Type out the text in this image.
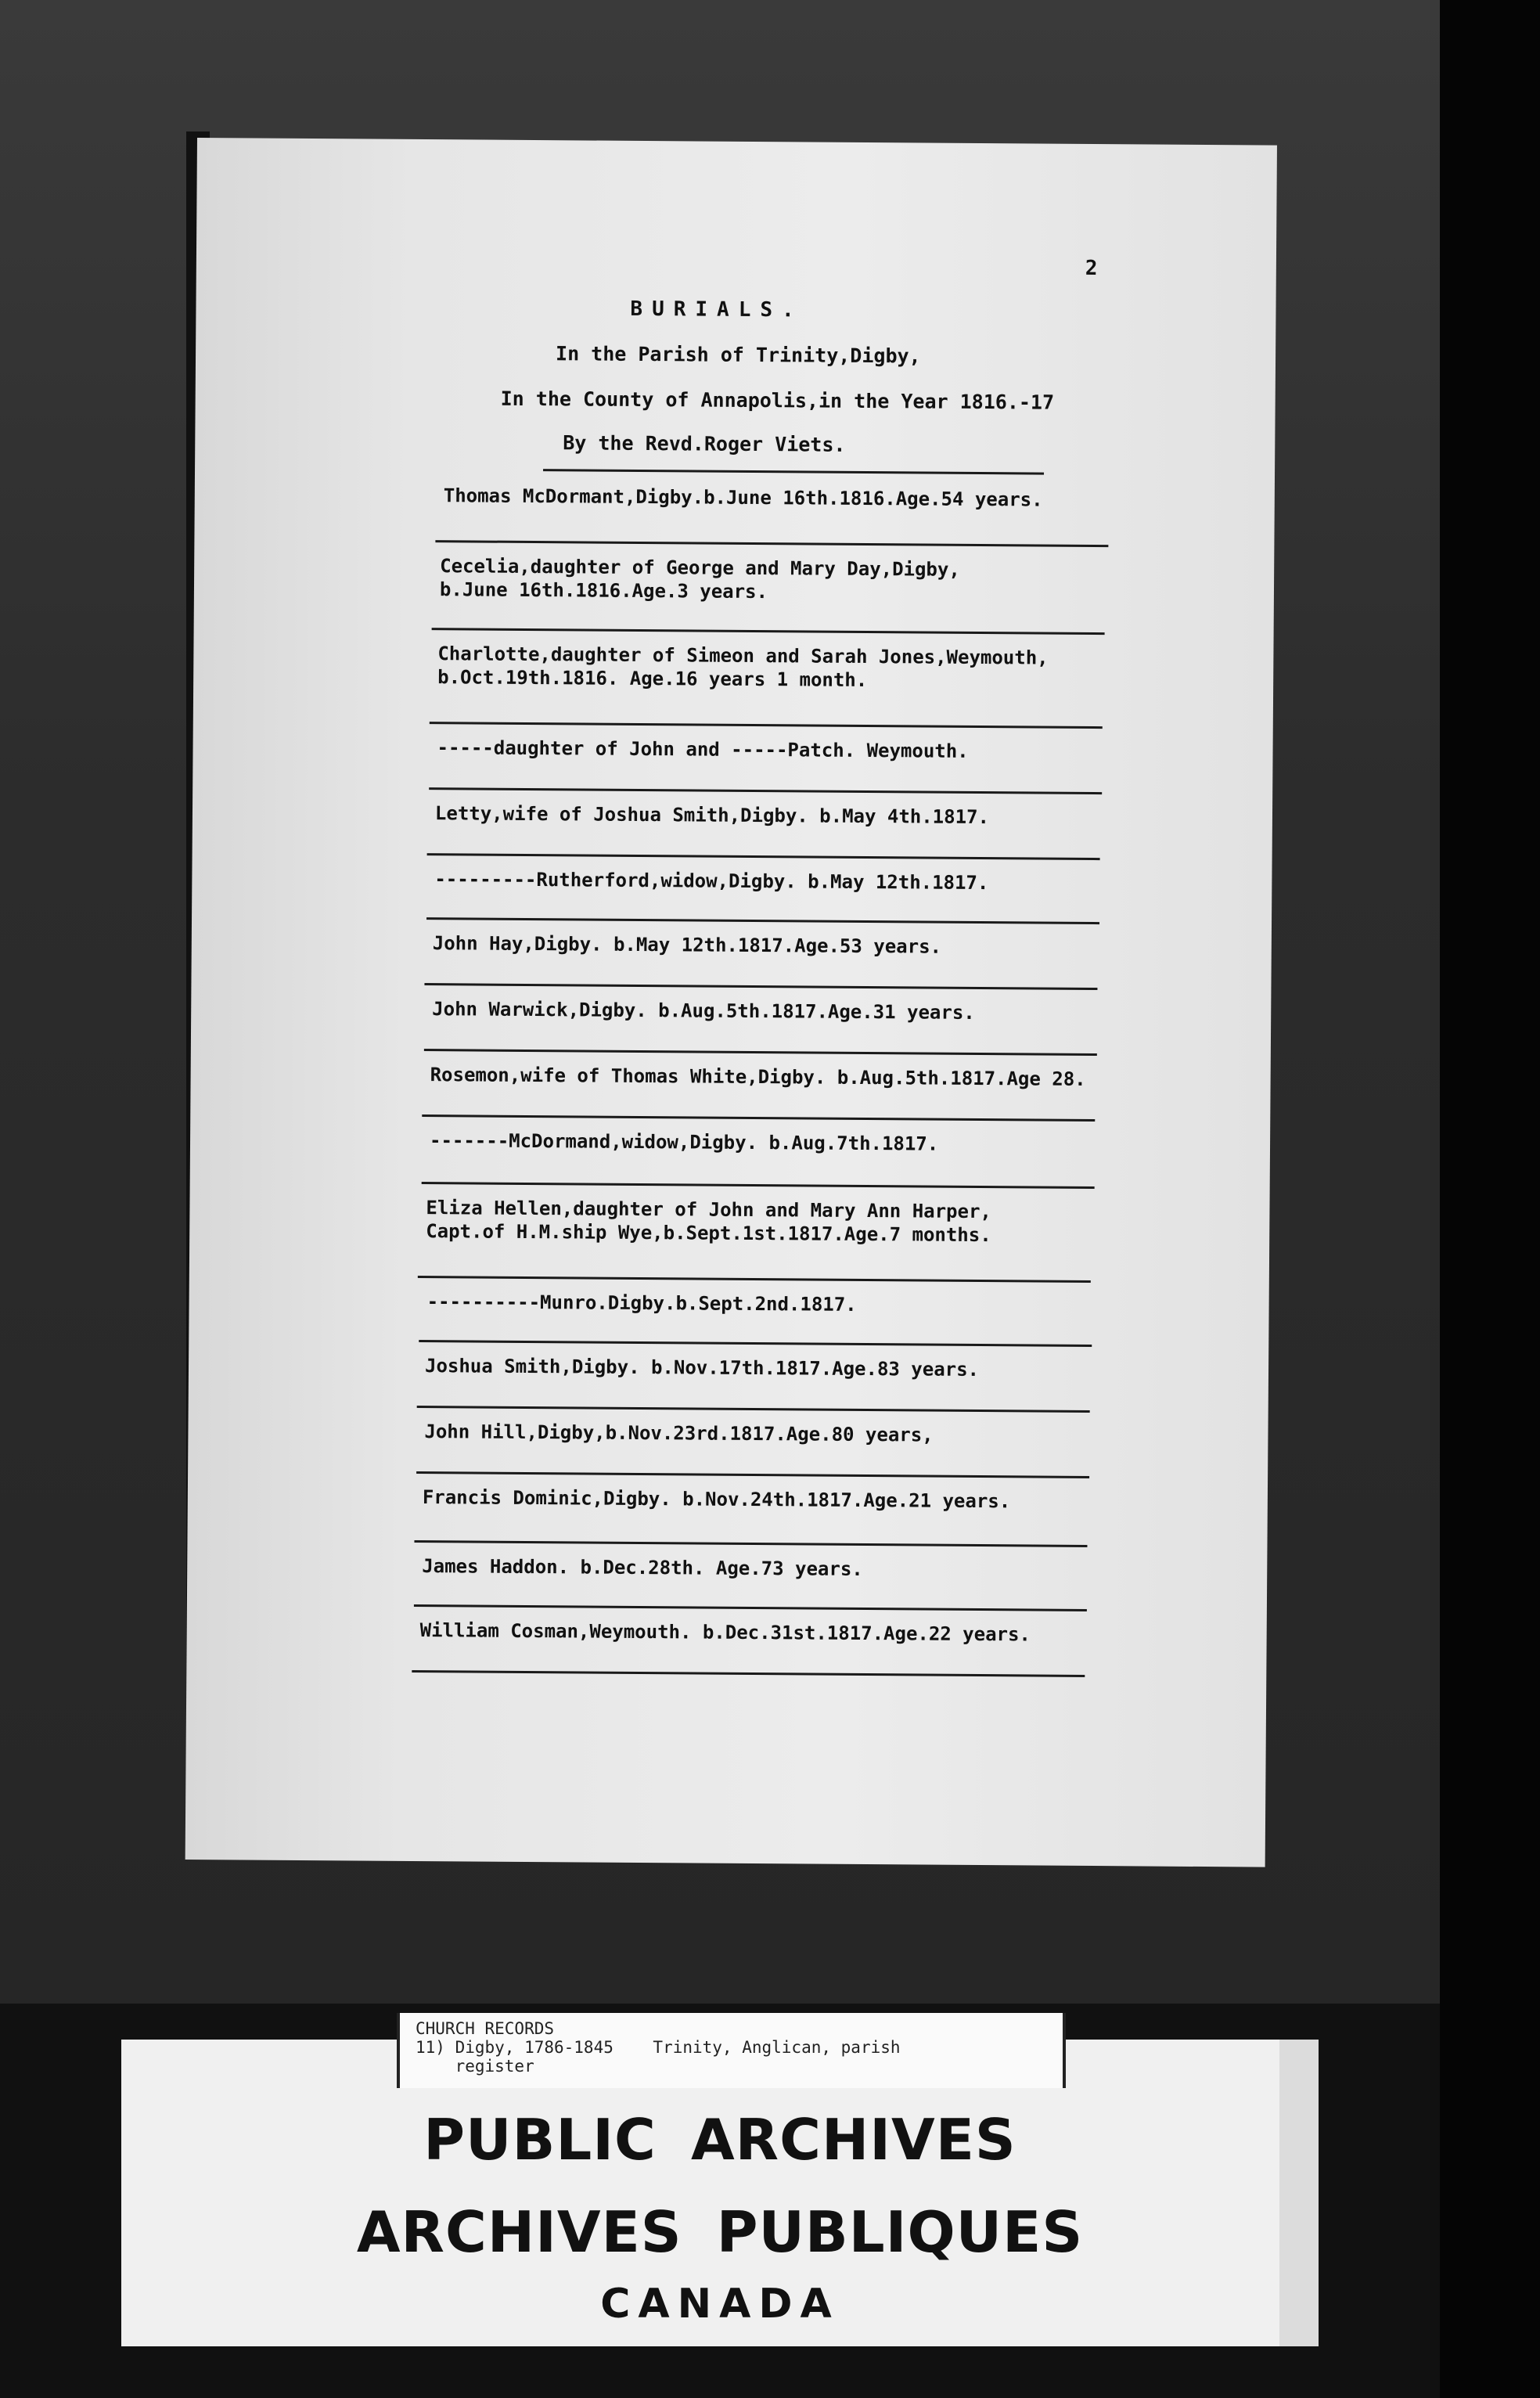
2
BURIALS.
In the Parish of Trinity,Digby,
In the County of Annapolis,in the Year 1816.-17
By the Revd.Roger Viets.
Thomas McDormant,Digby.b.June 16th.1816.Age.54 years.
Cecelia,daughter of George and Mary Day,Digby,
b.June 16th.1816.Age.3 years.
Charlotte,daughter of Simeon and Sarah Jones,Weymouth,
b.Oct.19th.1816. Age.16 years 1 month.
-----daughter of John and -----Patch. Weymouth.
Letty,wife of Joshua Smith,Digby. b.May 4th.1817.
---------Rutherford,widow,Digby. b.May 12th.1817.
John Hay,Digby. b.May 12th.1817.Age.53 years.
John Warwick,Digby. b.Aug.5th.1817.Age.31 years.
Rosemon,wife of Thomas White,Digby. b.Aug.5th.1817.Age 28.
-------McDormand,widow,Digby. b.Aug.7th.1817.
Eliza Hellen,daughter of John and Mary Ann Harper,
Capt.of H.M.ship Wye,b.Sept.1st.1817.Age.7 months.
----------Munro.Digby.b.Sept.2nd.1817.
Joshua Smith,Digby. b.Nov.17th.1817.Age.83 years.
John Hill,Digby,b.Nov.23rd.1817.Age.80 years,
Francis Dominic,Digby. b.Nov.24th.1817.Age.21 years.
James Haddon. b.Dec.28th. Age.73 years.
William Cosman,Weymouth. b.Dec.31st.1817.Age.22 years.
PUBLIC ARCHIVES
ARCHIVES PUBLIQUES
CANADA
CHURCH RECORDS
11) Digby, 1786-1845    Trinity, Anglican, parish
register
